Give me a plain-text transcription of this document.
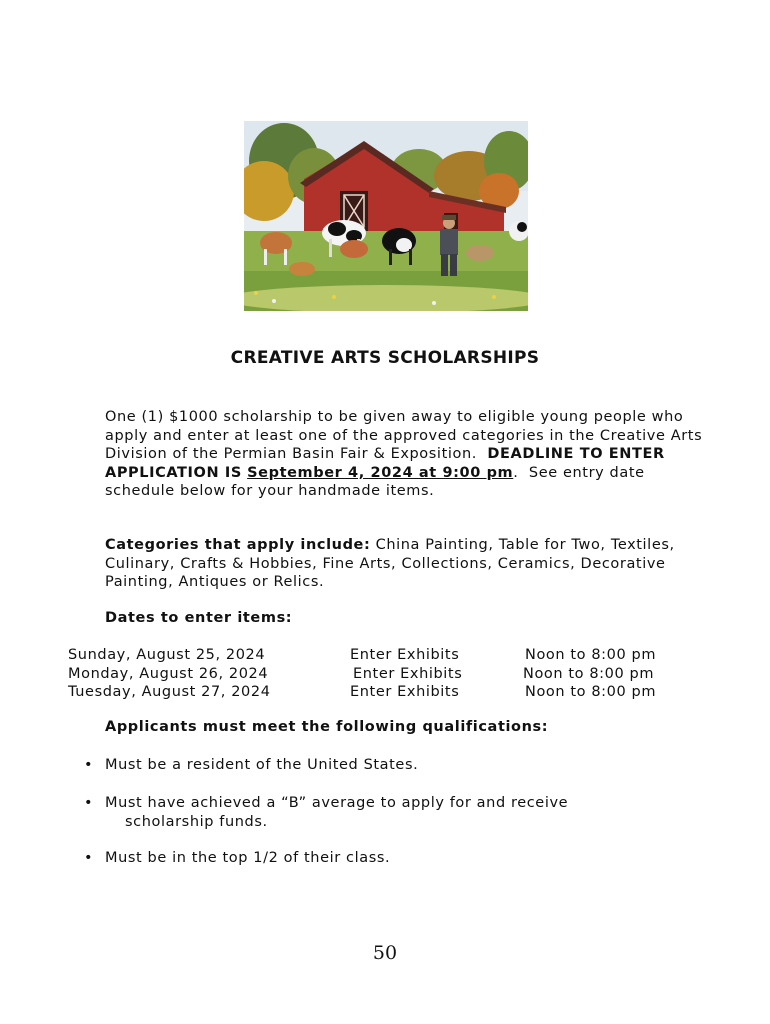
CREATIVE ARTS SCHOLARSHIPS
One (1) $1000 scholarship to be given away to eligible young people who apply and enter at least one of the approved categories in the Creative Arts Division of the Permian Basin Fair & Exposition. DEADLINE TO ENTER APPLICATION IS September 4, 2024 at 9:00 pm.  See entry date schedule below for your handmade items.
Categories that apply include: China Painting, Table for Two, Textiles, Culinary, Crafts & Hobbies, Fine Arts, Collections, Ceramics, Decorative Painting, Antiques or Relics.
Dates to enter items:
Sunday, August 25, 2024	Enter Exhibits	Noon to 8:00 pm
Monday, August 26, 2024	Enter Exhibits	Noon to 8:00 pm
Tuesday, August 27, 2024	Enter Exhibits	Noon to 8:00 pm
Applicants must meet the following qualifications:
• Must be a resident of the United States.
• Must have achieved a “B” average to apply for and receive
scholarship funds.
• Must be in the top 1/2 of their class.
50
